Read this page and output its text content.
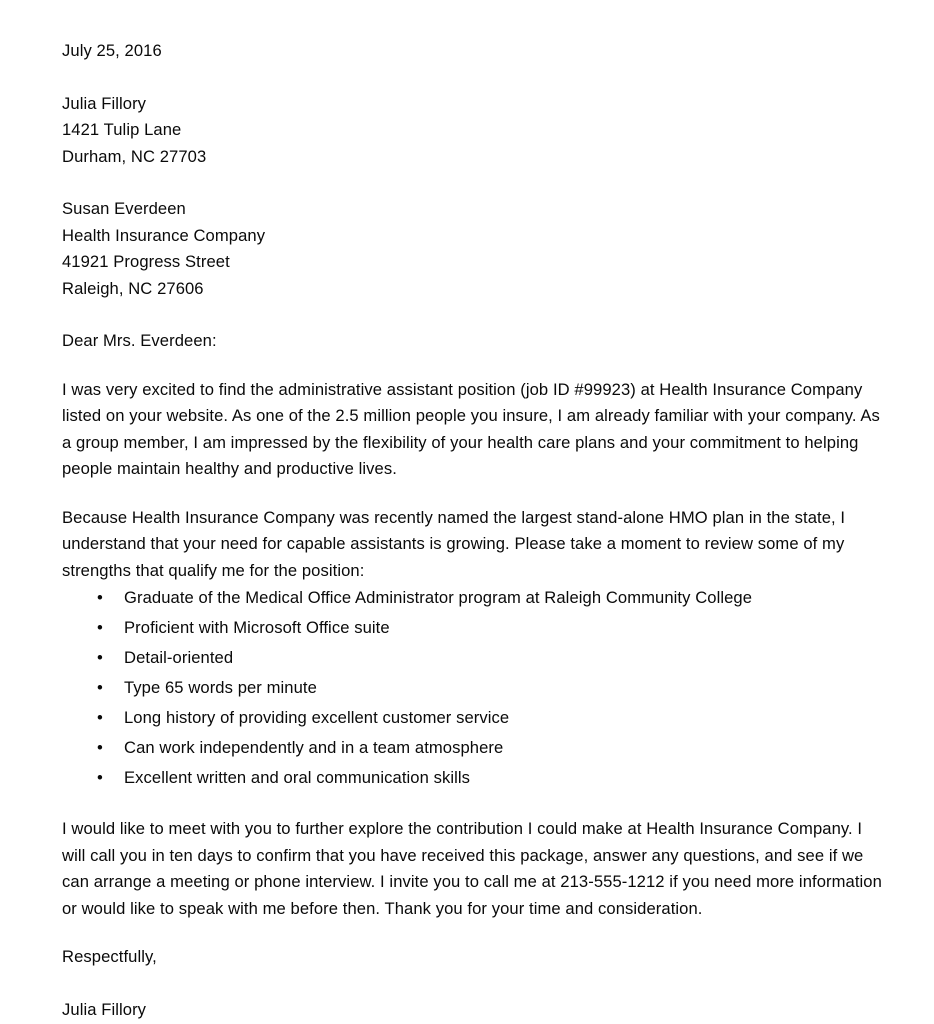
July 25, 2016
Julia Fillory
1421 Tulip Lane
Durham, NC 27703
Susan Everdeen
Health Insurance Company
41921 Progress Street
Raleigh, NC 27606
Dear Mrs. Everdeen:

I was very excited to find the administrative assistant position (job ID #99923) at Health Insurance Company listed on your website. As one of the 2.5 million people you insure, I am already familiar with your company. As a group member, I am impressed by the flexibility of your health care plans and your commitment to helping people maintain healthy and productive lives.

Because Health Insurance Company was recently named the largest stand-alone HMO plan in the state, I understand that your need for capable assistants is growing. Please take a moment to review some of my strengths that qualify me for the position:

• Graduate of the Medical Office Administrator program at Raleigh Community College
• Proficient with Microsoft Office suite
• Detail-oriented
• Type 65 words per minute
• Long history of providing excellent customer service
• Can work independently and in a team atmosphere
• Excellent written and oral communication skills

I would like to meet with you to further explore the contribution I could make at Health Insurance Company. I will call you in ten days to confirm that you have received this package, answer any questions, and see if we can arrange a meeting or phone interview. I invite you to call me at 213-555-1212 if you need more information or would like to speak with me before then. Thank you for your time and consideration.

Respectfully,
Julia Fillory
